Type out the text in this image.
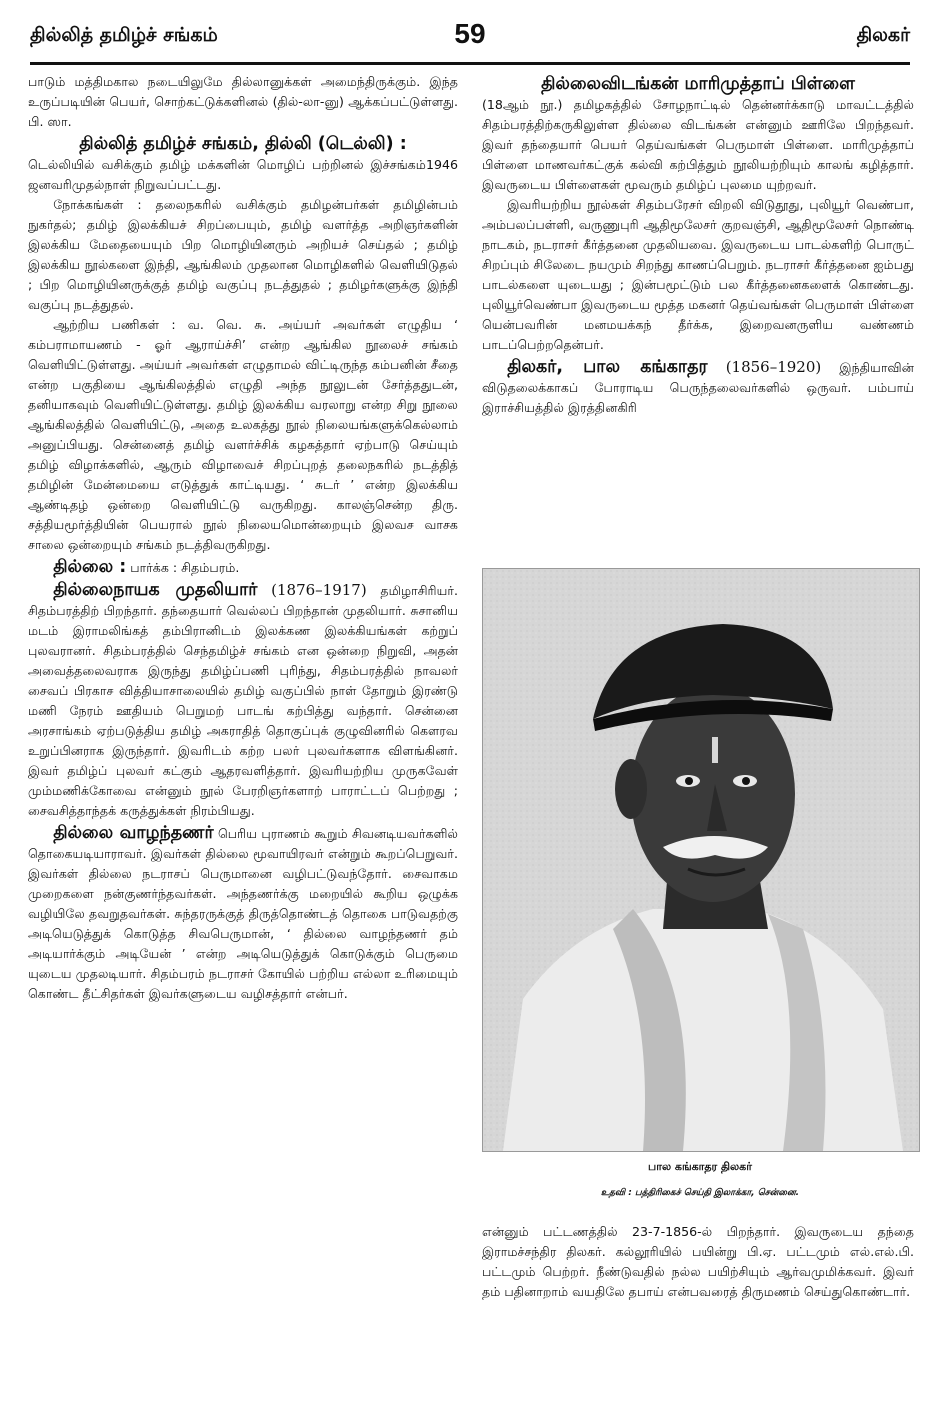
தில்லித் தமிழ்ச் சங்கம்	59	திலகர்

பாடும் மத்திமகால நடையிலுமே தில்லானுக்கள் அமைந்திருக்கும். இந்த உருப்படியின் பெயர், சொற்கட்டுக்களினல் (தில்-லா-னு) ஆக்கப்பட்டுள்ளது. பி. ஸா.

தில்லித் தமிழ்ச் சங்கம், தில்லி (டெல்லி) :

டெல்லியில் வசிக்கும் தமிழ் மக்களின் மொழிப் பற்றினல் இச்சங்கம்1946 ஜனவரிமுதல்நாள் நிறுவப்பட்டது.

நோக்கங்கள் : தலைநகரில் வசிக்கும் தமிழன்பர்கள் தமிழின்பம் நுகர்தல்; தமிழ் இலக்கியச் சிறப்பையும், தமிழ் வளர்த்த அறிஞர்களின் இலக்கிய மேதையையும் பிற மொழியினரும் அறியச் செய்தல் ; தமிழ் இலக்கிய நூல்களை இந்தி, ஆங்கிலம் முதலான மொழிகளில் வெளியிடுதல் ; பிற மொழியினருக்குத் தமிழ் வகுப்பு நடத்துதல் ; தமிழர்களுக்கு இந்தி வகுப்பு நடத்துதல்.

ஆற்றிய பணிகள் : வ. வெ. சு. அய்யர் அவர்கள் எழுதிய ‘ கம்பராமாயணம் - ஓர் ஆராய்ச்சி’ என்ற ஆங்கில நூலைச் சங்கம் வெளியிட்டுள்ளது. அய்யர் அவர்கள் எழுதாமல் விட்டிருந்த கம்பனின் சீதை என்ற பகுதியை ஆங்கிலத்தில் எழுதி அந்த நூலுடன் சேர்த்ததுடன், தனியாகவும் வெளியிட்டுள்ளது. தமிழ் இலக்கிய வரலாறு என்ற சிறு நூலை ஆங்கிலத்தில் வெளியிட்டு, அதை உலகத்து நூல் நிலையங்களுக்கெல்லாம் அனுப்பியது. சென்னைத் தமிழ் வளர்ச்சிக் கழகத்தார் ஏற்பாடு செய்யும் தமிழ் விழாக்களில், ஆரும் விழாவைச் சிறப்புறத் தலைநகரில் நடத்தித் தமிழின் மேன்மையை எடுத்துக் காட்டியது. ‘ சுடர் ’ என்ற இலக்கிய ஆண்டிதழ் ஒன்றை வெளியிட்டு வருகிறது. காலஞ்சென்ற திரு. சத்தியமூர்த்தியின் பெயரால் நூல் நிலையமொன்றையும் இலவச வாசக சாலை ஒன்றையும் சங்கம் நடத்திவருகிறது.

தில்லை : பார்க்க : சிதம்பரம்.

தில்லைநாயக முதலியார் (1876–1917) தமிழாசிரியர். சிதம்பரத்திற் பிறந்தார். தந்தையார் வெல்லப் பிறந்தான் முதலியார். சுசானிய மடம் இராமலிங்கத் தம்பிரானிடம் இலக்கண இலக்கியங்கள் கற்றுப் புலவரானர். சிதம்பரத்தில் செந்தமிழ்ச் சங்கம் என ஒன்றை நிறுவி, அதன் அவைத்தலைவராக இருந்து தமிழ்ப்பணி புரிந்து, சிதம்பரத்தில் நாவலர் சைவப் பிரகாச வித்தியாசாலையில் தமிழ் வகுப்பில் நாள் தோறும் இரண்டு மணி நேரம் ஊதியம் பெறுமற் பாடங் கற்பித்து வந்தார். சென்னை அரசாங்கம் ஏற்படுத்திய தமிழ் அகராதித் தொகுப்புக் குழுவினரில் கௌரவ உறுப்பினராக இருந்தார். இவரிடம் கற்ற பலர் புலவர்களாக விளங்கினர். இவர் தமிழ்ப் புலவர் கட்கும் ஆதரவளித்தார். இவரியற்றிய முருகவேள் மும்மணிக்கோவை என்னும் நூல் பேரறிஞர்களாற் பாராட்டப் பெற்றது ; சைவசித்தாந்தக் கருத்துக்கள் நிரம்பியது.

தில்லை வாழந்தணர் பெரிய புராணம் கூறும் சிவனடியவர்களில் தொகையடியாராவர். இவர்கள் தில்லை மூவாயிரவர் என்றும் கூறப்பெறுவர். இவர்கள் தில்லை நடராசப் பெருமானை வழிபட்டுவந்தோர். சைவாகம முறைகளை நன்குணர்ந்தவர்கள். அந்தணர்க்கு மறையில் கூறிய ஒழுக்க வழியிலே தவறுதவர்கள். சுந்தரருக்குத் திருத்தொண்டத் தொகை பாடுவதற்கு அடியெடுத்துக் கொடுத்த சிவபெருமான், ‘ தில்லை வாழந்தணர் தம் அடியார்க்கும் அடியேன் ’ என்ற அடியெடுத்துக் கொடுக்கும் பெருமை யுடைய முதலடியார். சிதம்பரம் நடராசர் கோயில் பற்றிய எல்லா உரிமையும் கொண்ட தீட்சிதர்கள் இவர்களுடைய வழிசத்தார் என்பர்.

தில்லைவிடங்கன் மாரிமுத்தாப் பிள்ளை

(18ஆம் நூ.) தமிழகத்தில் சோழநாட்டில் தென்னர்க்காடு மாவட்டத்தில் சிதம்பரத்திற்கருகிலுள்ள தில்லை விடங்கன் என்னும் ஊரிலே பிறந்தவர். இவர் தந்தையார் பெயர் தெய்வங்கள் பெருமாள் பிள்ளை. மாரிமுத்தாப் பிள்ளை மாணவர்கட்குக் கல்வி கற்பித்தும் நூலியற்றியும் காலங் கழித்தார். இவருடைய பிள்ளைகள் மூவரும் தமிழ்ப் புலமை யுற்றவர்.

இவரியற்றிய நூல்கள் சிதம்பரேசர் விறலி விடுதூது, புலியூர் வெண்பா, அம்பலப்பள்ளி, வருணுபுரி ஆதிமூலேசர் குறவஞ்சி, ஆதிமூலேசர் நொண்டி நாடகம், நடராசர் கீர்த்தனை முதலியவை. இவருடைய பாடல்களிற் பொருட் சிறப்பும் சிலேடை நயமும் சிறந்து காணப்பெறும். நடராசர் கீர்த்தனை ஐம்பது பாடல்களை யுடையது ; இன்பமூட்டும் பல கீர்த்தனைகளைக் கொண்டது. புலியூர்வெண்பா இவருடைய மூத்த மகனர் தெய்வங்கள் பெருமாள் பிள்ளை யென்பவரின் மனமயக்கந் தீர்க்க, இறைவனருளிய வண்ணம் பாடப்பெற்றதென்பர்.

திலகர், பால கங்காதர (1856–1920) இந்தியாவின் விடுதலைக்காகப் போராடிய பெருந்தலைவர்களில் ஒருவர். பம்பாய் இராச்சியத்தில் இரத்தினகிரி

பால கங்காதர திலகர்
உதவி : பத்திரிகைச் செய்தி இலாக்கா, சென்னை.

என்னும் பட்டணத்தில் 23-7-1856-ல் பிறந்தார். இவருடைய தந்தை இராமச்சந்திர திலகர். கல்லூரியில் பயின்று பி.ஏ. பட்டமும் எல்.எல்.பி. பட்டமும் பெற்றர். நீண்டுவதில் நல்ல பயிற்சியும் ஆர்வமுமிக்கவர். இவர் தம் பதினாறாம் வயதிலே தபாய் என்பவரைத் திருமணம் செய்துகொண்டார்.
